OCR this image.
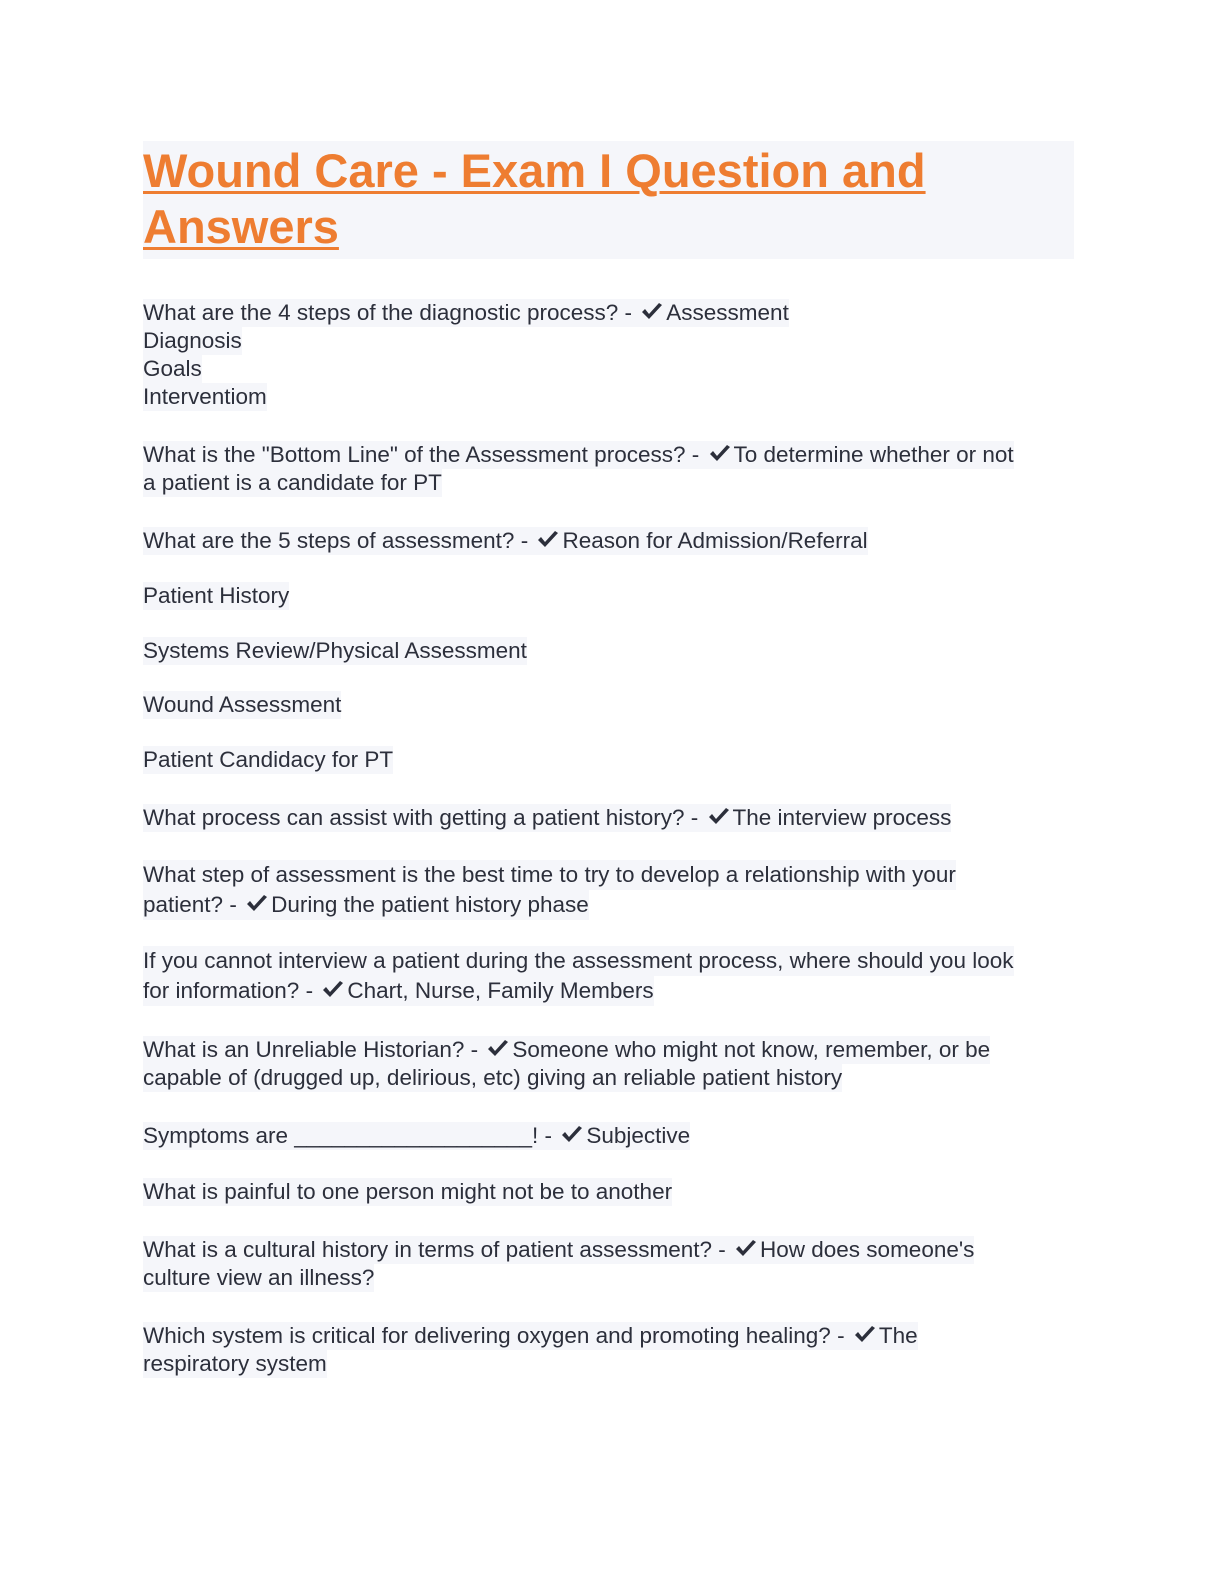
Wound Care - Exam I Question and Answers

What are the 4 steps of the diagnostic process? - Assessment

Diagnosis

Goals

Interventiom

What is the "Bottom Line" of the Assessment process? - To determine whether or not

a patient is a candidate for PT

What are the 5 steps of assessment? - Reason for Admission/Referral

Patient History

Systems Review/Physical Assessment

Wound Assessment

Patient Candidacy for PT

What process can assist with getting a patient history? - The interview process

What step of assessment is the best time to try to develop a relationship with your

patient? - During the patient history phase

If you cannot interview a patient during the assessment process, where should you look

for information? - Chart, Nurse, Family Members

What is an Unreliable Historian? - Someone who might not know, remember, or be

capable of (drugged up, delirious, etc) giving an reliable patient history

Symptoms are ___________________! - Subjective

What is painful to one person might not be to another

What is a cultural history in terms of patient assessment? - How does someone's

culture view an illness?

Which system is critical for delivering oxygen and promoting healing? - The

respiratory system
